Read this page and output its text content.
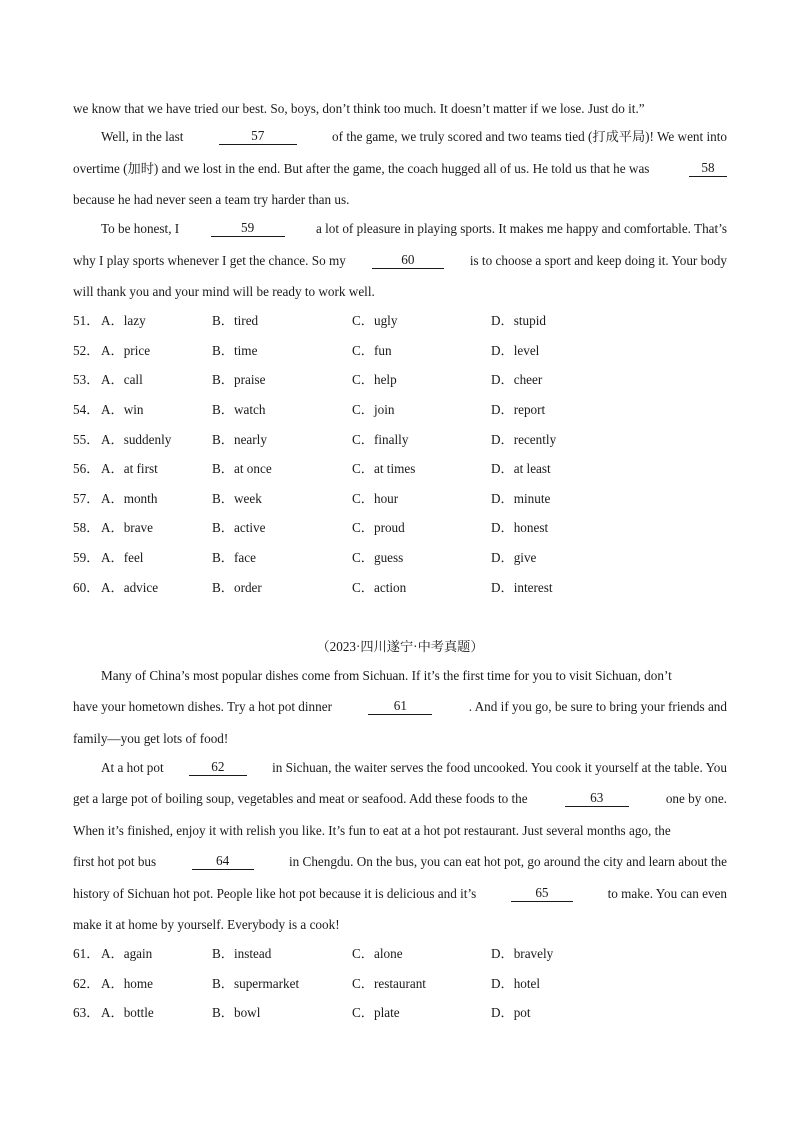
we know that we have tried our best. So, boys, don’t think too much. It doesn’t matter if we lose. Just do it.”
Well, in the last	57	of the game, we truly scored and two teams tied (打成平局)! We went into
overtime (加时) and we lost in the end. But after the game, the coach hugged all of us. He told us that he was	58
because he had never seen a team try harder than us.
To be honest, I	59	a lot of pleasure in playing sports. It makes me happy and comfortable. That’s
why I play sports whenever I get the chance. So my	60	is to choose a sport and keep doing it. Your body
will thank you and your mind will be ready to work well.
51． A．lazy	B．tired	C．ugly	D．stupid
52． A．price	B．time	C．fun	D．level
53． A．call	B．praise	C．help	D．cheer
54． A．win	B．watch	C．join	D．report
55． A．suddenly	B．nearly	C．finally	D．recently
56． A．at first	B．at once	C．at times	D．at least
57． A．month	B．week	C．hour	D．minute
58． A．brave	B．active	C．proud	D．honest
59． A．feel	B．face	C．guess	D．give
60． A．advice	B．order	C．action	D．interest
（2023·四川遂宁·中考真题）
Many of China’s most popular dishes come from Sichuan. If it’s the first time for you to visit Sichuan, don’t
have your hometown dishes. Try a hot pot dinner	61	. And if you go, be sure to bring your friends and
family—you get lots of food!
At a hot pot	62	in Sichuan, the waiter serves the food uncooked. You cook it yourself at the table. You
get a large pot of boiling soup, vegetables and meat or seafood. Add these foods to the	63	one by one.
When it’s finished, enjoy it with relish you like. It’s fun to eat at a hot pot restaurant. Just several months ago, the
first hot pot bus	64	in Chengdu. On the bus, you can eat hot pot, go around the city and learn about the
history of Sichuan hot pot. People like hot pot because it is delicious and it’s	65	to make. You can even
make it at home by yourself. Everybody is a cook!
61． A．again	B．instead	C．alone	D．bravely
62． A．home	B．supermarket	C．restaurant	D．hotel
63． A．bottle	B．bowl	C．plate	D．pot
